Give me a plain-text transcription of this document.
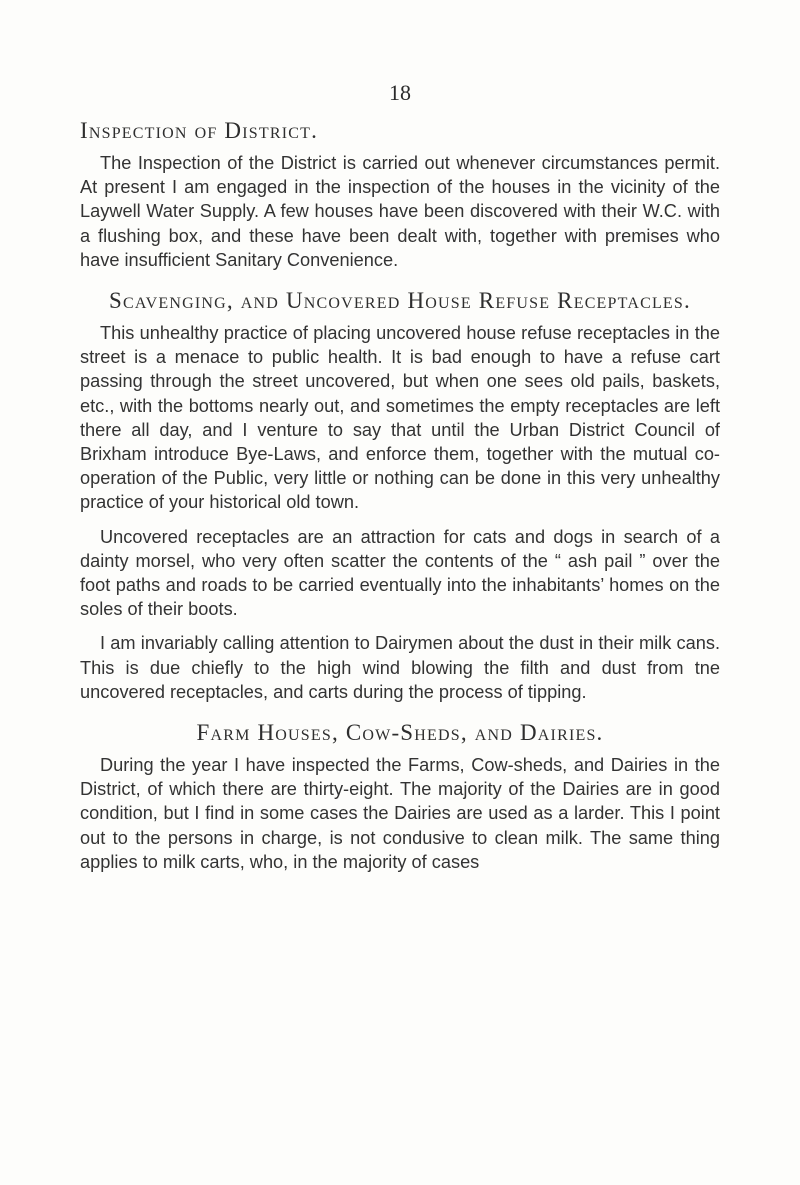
18
Inspection of District.

The Inspection of the District is carried out whenever circumstances permit. At present I am engaged in the inspection of the houses in the vicinity of the Laywell Water Supply. A few houses have been discovered with their W.C. with a flushing box, and these have been dealt with, together with premises who have insufficient Sanitary Convenience.

Scavenging, and Uncovered House Refuse Receptacles.

This unhealthy practice of placing uncovered house refuse receptacles in the street is a menace to public health. It is bad enough to have a refuse cart passing through the street uncovered, but when one sees old pails, baskets, etc., with the bottoms nearly out, and sometimes the empty receptacles are left there all day, and I venture to say that until the Urban District Council of Brixham introduce Bye-Laws, and enforce them, together with the mutual co-operation of the Public, very little or nothing can be done in this very unhealthy practice of your historical old town.

Uncovered receptacles are an attraction for cats and dogs in search of a dainty morsel, who very often scatter the contents of the “ ash pail ” over the foot paths and roads to be carried eventually into the inhabitants’ homes on the soles of their boots.

I am invariably calling attention to Dairymen about the dust in their milk cans. This is due chiefly to the high wind blowing the filth and dust from tne uncovered receptacles, and carts during the process of tipping.

Farm Houses, Cow-Sheds, and Dairies.

During the year I have inspected the Farms, Cow-sheds, and Dairies in the District, of which there are thirty-eight. The majority of the Dairies are in good condition, but I find in some cases the Dairies are used as a larder. This I point out to the persons in charge, is not condusive to clean milk. The same thing applies to milk carts, who, in the majority of cases
